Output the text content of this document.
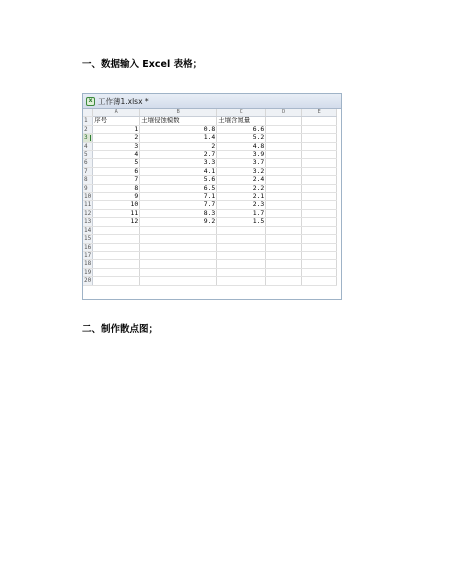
一、数据输入 Excel 表格；
x 工作薄1.xlsx *
	A	B	C	D	E
1	序号	土壤侵蚀模数	土壤含氮量		
2	1	0.8	6.6		
3	2	1.4	5.2		
4	3	2	4.8		
5	4	2.7	3.9		
6	5	3.3	3.7		
7	6	4.1	3.2		
8	7	5.6	2.4		
9	8	6.5	2.2		
10	9	7.1	2.1		
11	10	7.7	2.3		
12	11	8.3	1.7		
13	12	9.2	1.5		
14					
15					
16					
17					
18					
19					
20					
二、制作散点图；
